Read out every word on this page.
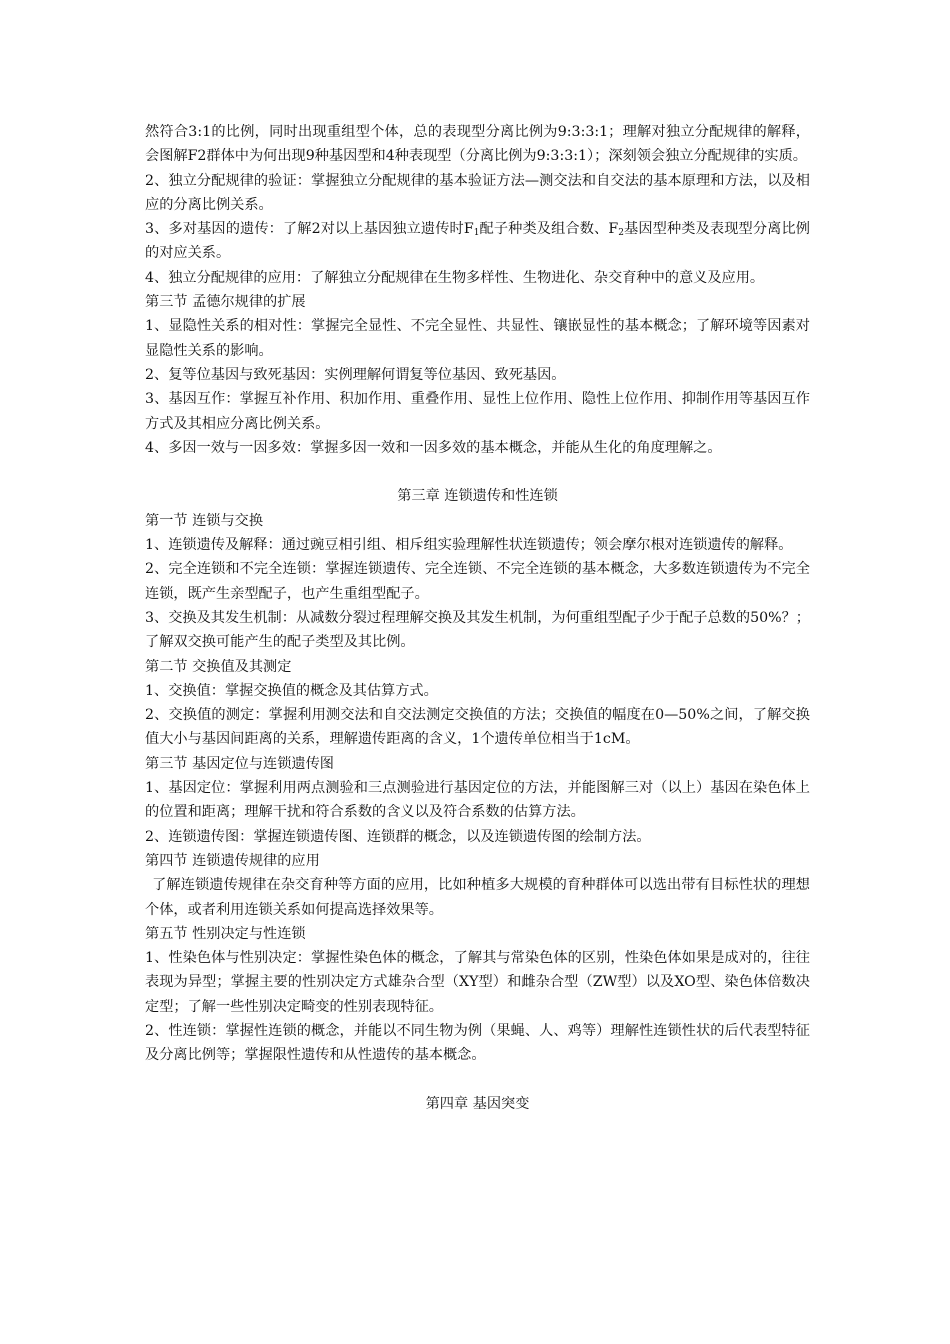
然符合3:1的比例，同时出现重组型个体，总的表现型分离比例为9:3:3:1；理解对独立分配规律的解释，会图解F2群体中为何出现9种基因型和4种表现型（分离比例为9:3:3:1）；深刻领会独立分配规律的实质。

2、独立分配规律的验证：掌握独立分配规律的基本验证方法—测交法和自交法的基本原理和方法，以及相应的分离比例关系。

3、多对基因的遗传：了解2对以上基因独立遗传时$F_1$配子种类及组合数、$F_2$基因型种类及表现型分离比例的对应关系。

4、独立分配规律的应用：了解独立分配规律在生物多样性、生物进化、杂交育种中的意义及应用。

第三节 孟德尔规律的扩展

1、显隐性关系的相对性：掌握完全显性、不完全显性、共显性、镶嵌显性的基本概念；了解环境等因素对显隐性关系的影响。

2、复等位基因与致死基因：实例理解何谓复等位基因、致死基因。

3、基因互作：掌握互补作用、积加作用、重叠作用、显性上位作用、隐性上位作用、抑制作用等基因互作方式及其相应分离比例关系。

4、多因一效与一因多效：掌握多因一效和一因多效的基本概念，并能从生化的角度理解之。

第三章 连锁遗传和性连锁

第一节 连锁与交换

1、连锁遗传及解释：通过豌豆相引组、相斥组实验理解性状连锁遗传；领会摩尔根对连锁遗传的解释。

2、完全连锁和不完全连锁：掌握连锁遗传、完全连锁、不完全连锁的基本概念，大多数连锁遗传为不完全连锁，既产生亲型配子，也产生重组型配子。

3、交换及其发生机制：从减数分裂过程理解交换及其发生机制，为何重组型配子少于配子总数的50%？；了解双交换可能产生的配子类型及其比例。

第二节 交换值及其测定

1、交换值：掌握交换值的概念及其估算方式。

2、交换值的测定：掌握利用测交法和自交法测定交换值的方法；交换值的幅度在0—50%之间，了解交换值大小与基因间距离的关系，理解遗传距离的含义，1个遗传单位相当于1cM。

第三节 基因定位与连锁遗传图

1、基因定位：掌握利用两点测验和三点测验进行基因定位的方法，并能图解三对（以上）基因在染色体上的位置和距离；理解干扰和符合系数的含义以及符合系数的估算方法。

2、连锁遗传图：掌握连锁遗传图、连锁群的概念，以及连锁遗传图的绘制方法。

第四节 连锁遗传规律的应用

了解连锁遗传规律在杂交育种等方面的应用，比如种植多大规模的育种群体可以选出带有目标性状的理想个体，或者利用连锁关系如何提高选择效果等。

第五节 性别决定与性连锁

1、性染色体与性别决定：掌握性染色体的概念，了解其与常染色体的区别，性染色体如果是成对的，往往表现为异型；掌握主要的性别决定方式雄杂合型（XY型）和雌杂合型（ZW型）以及XO型、染色体倍数决定型；了解一些性别决定畸变的性别表现特征。

2、性连锁：掌握性连锁的概念，并能以不同生物为例（果蝇、人、鸡等）理解性连锁性状的后代表型特征及分离比例等；掌握限性遗传和从性遗传的基本概念。

第四章 基因突变
